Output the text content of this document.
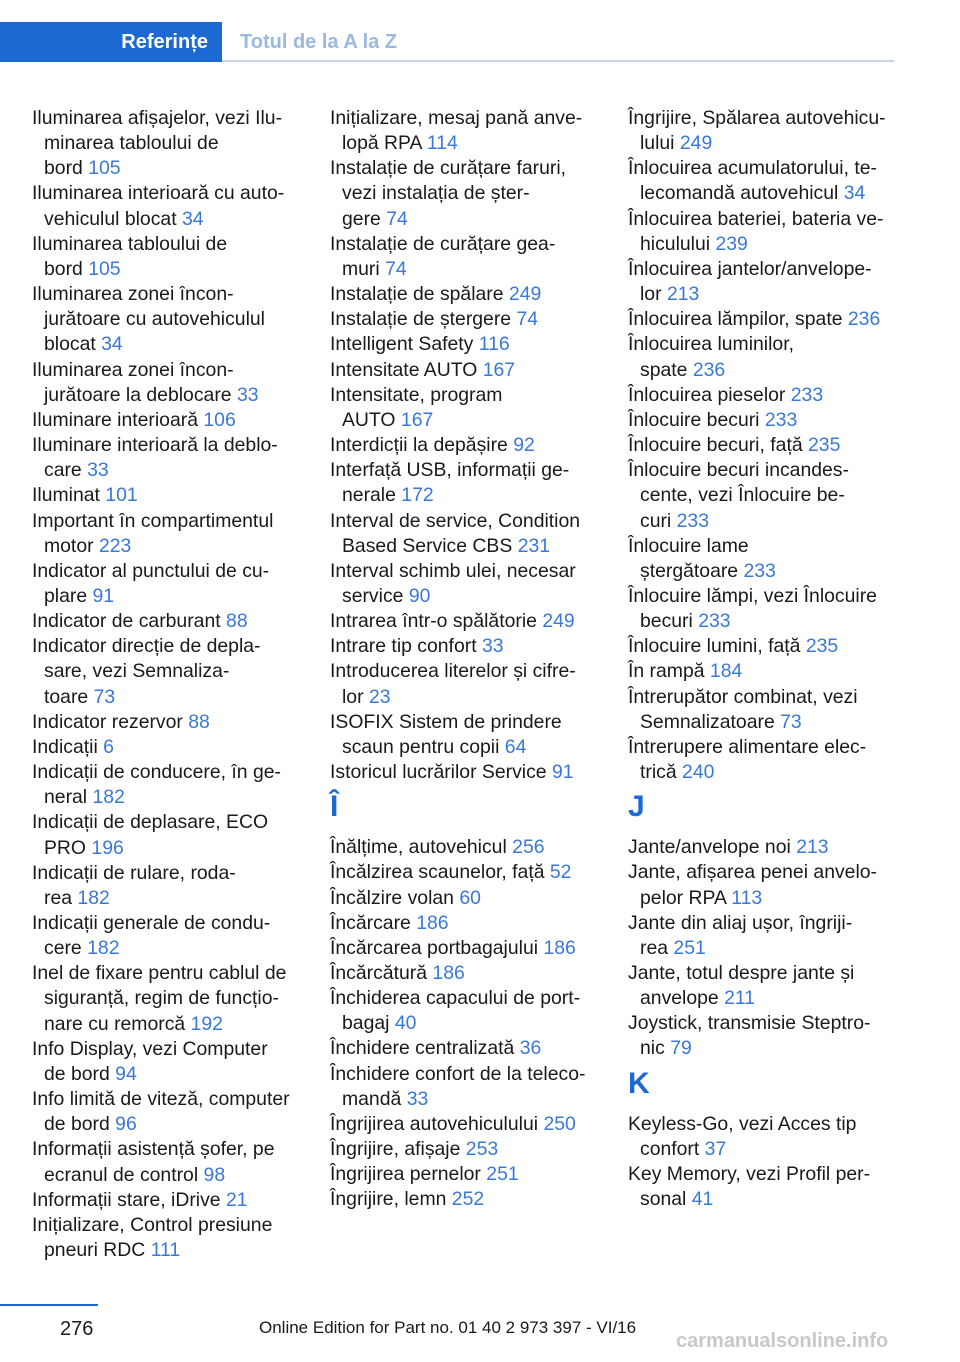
Referințe	Totul de la A la Z
Iluminarea afișajelor, vezi Ilu-
minarea tabloului de
bord 105
Iluminarea interioară cu auto-
vehiculul blocat 34
Iluminarea tabloului de
bord 105
Iluminarea zonei încon-
jurătoare cu autovehiculul
blocat 34
Iluminarea zonei încon-
jurătoare la deblocare 33
Iluminare interioară 106
Iluminare interioară la deblo-
care 33
Iluminat 101
Important în compartimentul
motor 223
Indicator al punctului de cu-
plare 91
Indicator de carburant 88
Indicator direcție de depla-
sare, vezi Semnaliza-
toare 73
Indicator rezervor 88
Indicații 6
Indicații de conducere, în ge-
neral 182
Indicații de deplasare, ECO
PRO 196
Indicații de rulare, roda-
rea 182
Indicații generale de condu-
cere 182
Inel de fixare pentru cablul de
siguranță, regim de funcțio-
nare cu remorcă 192
Info Display, vezi Computer
de bord 94
Info limită de viteză, computer
de bord 96
Informații asistență șofer, pe
ecranul de control 98
Informații stare, iDrive 21
Inițializare, Control presiune
pneuri RDC 111
Inițializare, mesaj pană anve-
lopă RPA 114
Instalație de curățare faruri,
vezi instalația de șter-
gere 74
Instalație de curățare gea-
muri 74
Instalație de spălare 249
Instalație de ștergere 74
Intelligent Safety 116
Intensitate AUTO 167
Intensitate, program
AUTO 167
Interdicții la depășire 92
Interfață USB, informații ge-
nerale 172
Interval de service, Condition
Based Service CBS 231
Interval schimb ulei, necesar
service 90
Intrarea într-o spălătorie 249
Intrare tip confort 33
Introducerea literelor și cifre-
lor 23
ISOFIX Sistem de prindere
scaun pentru copii 64
Istoricul lucrărilor Service 91
Î
Înălțime, autovehicul 256
Încălzirea scaunelor, față 52
Încălzire volan 60
Încărcare 186
Încărcarea portbagajului 186
Încărcătură 186
Închiderea capacului de port-
bagaj 40
Închidere centralizată 36
Închidere confort de la teleco-
mandă 33
Îngrijirea autovehiculului 250
Îngrijire, afișaje 253
Îngrijirea pernelor 251
Îngrijire, lemn 252
Îngrijire, Spălarea autovehicu-
lului 249
Înlocuirea acumulatorului, te-
lecomandă autovehicul 34
Înlocuirea bateriei, bateria ve-
hiculului 239
Înlocuirea jantelor/anvelope-
lor 213
Înlocuirea lămpilor, spate 236
Înlocuirea luminilor,
spate 236
Înlocuirea pieselor 233
Înlocuire becuri 233
Înlocuire becuri, față 235
Înlocuire becuri incandes-
cente, vezi Înlocuire be-
curi 233
Înlocuire lame
ștergătoare 233
Înlocuire lămpi, vezi Înlocuire
becuri 233
Înlocuire lumini, față 235
În rampă 184
Întrerupător combinat, vezi
Semnalizatoare 73
Întrerupere alimentare elec-
trică 240
J
Jante/anvelope noi 213
Jante, afișarea penei anvelo-
pelor RPA 113
Jante din aliaj ușor, îngriji-
rea 251
Jante, totul despre jante și
anvelope 211
Joystick, transmisie Steptro-
nic 79
K
Keyless-Go, vezi Acces tip
confort 37
Key Memory, vezi Profil per-
sonal 41
276	Online Edition for Part no. 01 40 2 973 397 - VI/16
carmanualsonline.info
